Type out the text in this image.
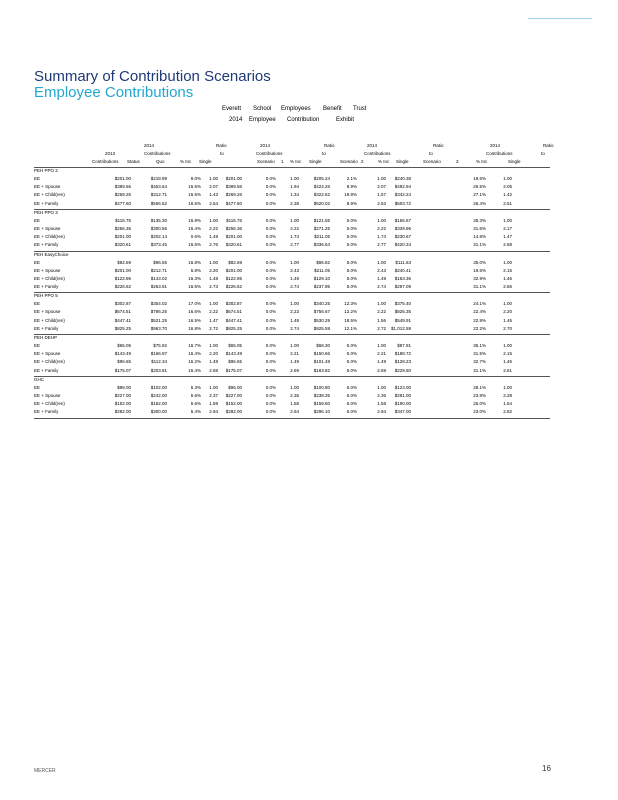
Summary of Contribution Scenarios
Employee Contributions
Everett School Employees Benefit Trust
2014 Employee Contribution	Exhibit
2014	Ratio	2014	Ratio	2014	Ratio	2014	Ratio
2013	Contributions	to	Contributions	to	Contributions	to	Contributions	to
Contributions Status	Quo	% Inc Single	Scenario 1 % Inc Single	Scenario 2	% Inc Single	Scenario	3	% Inc	Single
PEH PPO 2
EE	$201.00	$218.99	9.0% 1.00	$201.00	0.0%	1.00	$205.24	2.1%	1.00	$240.38	19.6%	1.00
EE + Spouse	$389.56	$453.64	16.5% 2.07	$389.56	0.0%	1.94	$424.26	8.9%	2.07	$492.94	26.5%	2.05
EE + Child(ren)	$269.26	$312.71	16.5% 1.43	$269.26	0.0%	1.34	$322.62	19.8%	1.57	$342.24	27.1%	1.42
EE + Family	$477.60	$556.52	16.5% 2.54	$477.60	0.0%	2.38	$520.02	8.9%	2.53	$603.72	26.4%	2.51
PEH PPO 3
EE	$115.76	$135.30	16.9% 1.00	$115.76	0.0%	1.00	$121.55	5.0%	1.00	$156.67	35.3%	1.00
EE + Spouse	$256.36	$300.56	16.4% 2.22	$256.36	0.0%	2.22	$271.25	5.0%	2.22	$339.96	31.6%	2.17
EE + Child(ren)	$201.00	$202.14	0.6% 1.49	$201.00	0.0%	1.74	$211.05	5.0%	1.74	$230.67	14.8%	1.47
EE + Family	$320.61	$373.45	16.5% 2.76	$320.61	0.0%	2.77	$336.64	5.0%	2.77	$420.34	31.1%	2.68
PEH EasyChoice
EE	$82.69	$96.55	16.8% 1.00	$82.69	0.0%	1.00	$86.82	5.0%	1.00	$111.63	35.0%	1.00
EE + Spouse	$201.00	$212.71	5.8% 2.20	$201.00	0.0%	2.43	$211.05	5.0%	2.43	$240.41	19.6%	2.15
EE + Child(ren)	$122.95	$143.02	16.3% 1.48	$122.95	0.0%	1.49	$129.10	5.0%	1.49	$163.36	32.9%	1.46
EE + Family	$226.62	$263.91	16.5% 2.73	$226.62	0.0%	2.74	$237.95	5.0%	2.74	$297.09	31.1%	2.66
PEH PPO 5
EE	$302.87	$354.02	17.0% 1.00	$302.87	0.0%	1.00	$340.25	12.3%	1.00	$375.40	24.1%	1.00
EE + Spouse	$674.51	$786.25	16.6% 2.22	$674.51	0.0%	2.23	$756.67	12.2%	2.22	$825.35	22.4%	2.20
EE + Child(ren)	$447.41	$521.25	16.5% 1.47	$447.41	0.0%	1.48	$530.29	18.5%	1.56	$549.91	22.9%	1.46
EE + Family	$825.25	$963.70	16.8% 2.72	$825.25	0.0%	2.74	$925.59	12.1%	2.72	$1,012.59	22.2%	2.70
PEH DEHP
EE	$65.05	$75.92	16.7% 1.00	$65.05	0.0%	1.00	$68.30	5.0%	1.00	$87.91	35.1%	1.00
EE + Spouse	$143.49	$166.97	16.4% 2.20	$143.49	0.0%	2.21	$150.66	5.0%	2.21	$188.72	31.5%	2.15
EE + Child(ren)	$96.65	$112.34	16.2% 1.48	$96.65	0.0%	1.49	$101.48	5.0%	1.49	$128.23	32.7%	1.46
EE + Family	$175.07	$203.81	16.4% 2.68	$175.07	0.0%	2.69	$183.82	5.0%	2.69	$229.50	31.1%	2.61
GHC
EE	$98.00	$102.00	6.3% 1.00	$96.00	0.0%	1.00	$100.80	5.0%	1.00	$123.00	28.1%	1.00
EE + Spouse	$227.00	$242.00	6.6% 2.37	$227.00	0.0%	2.36	$238.35	5.0%	2.36	$281.00	23.8%	2.28
EE + Child(ren)	$152.00	$162.00	6.6% 1.59	$152.00	0.0%	1.58	$159.60	5.0%	1.58	$190.00	25.0%	1.54
EE + Family	$282.00	$300.00	6.4% 2.94	$282.00	0.0%	2.94	$296.10	5.0%	2.94	$347.00	23.0%	2.82
MERCER	16
